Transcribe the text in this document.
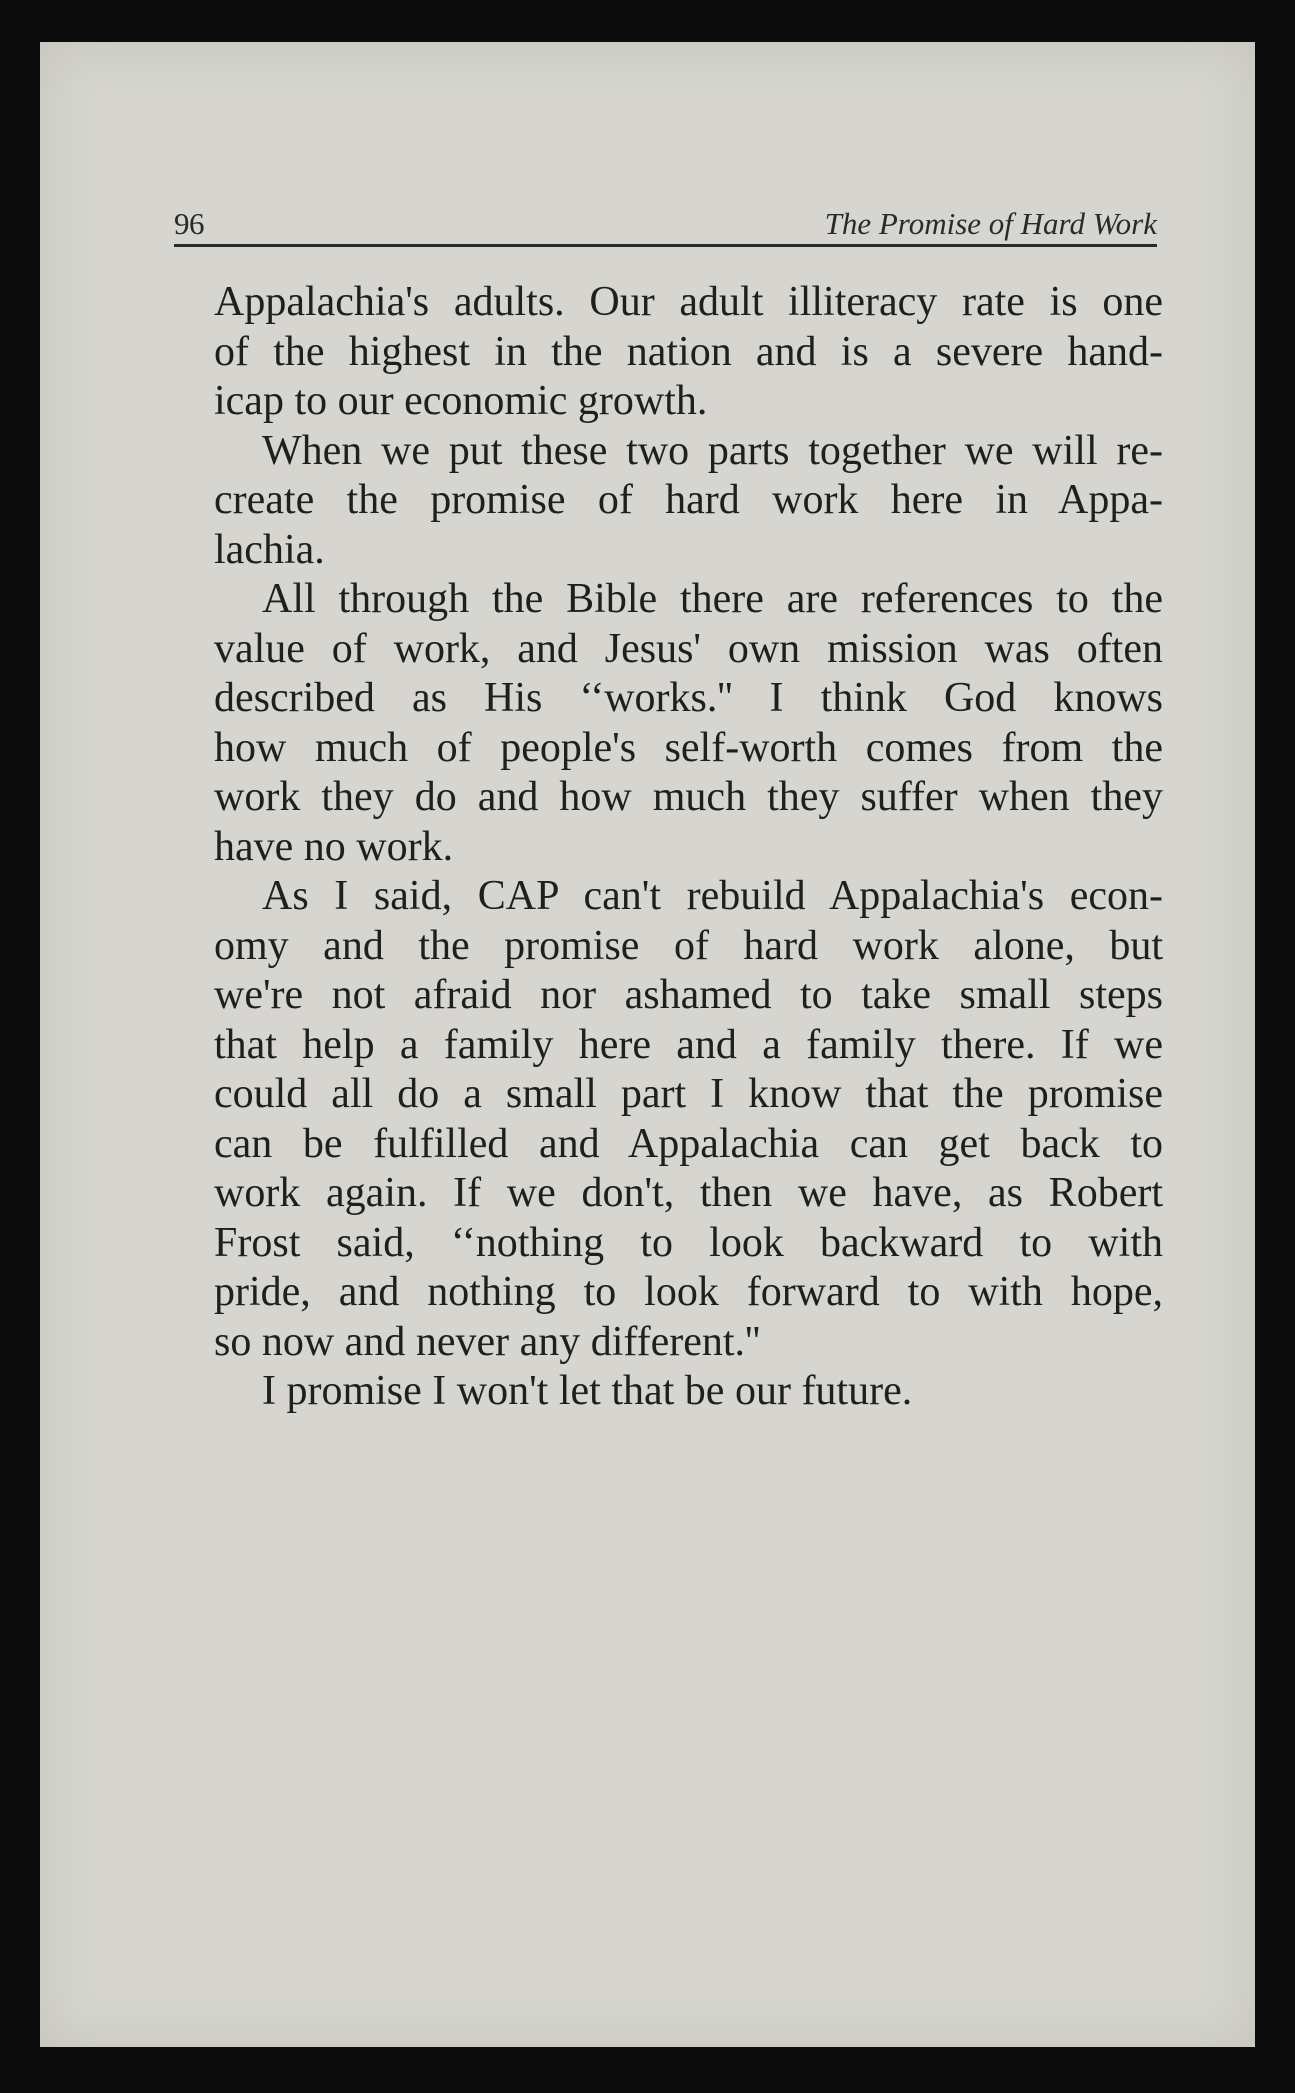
96	The Promise of Hard Work
Appalachia's adults. Our adult illiteracy rate is one
of the highest in the nation and is a severe hand-
icap to our economic growth.
When we put these two parts together we will re-
create the promise of hard work here in Appa-
lachia.
All through the Bible there are references to the
value of work, and Jesus' own mission was often
described as His ‘‘works.'' I think God knows
how much of people's self-worth comes from the
work they do and how much they suffer when they
have no work.
As I said, CAP can't rebuild Appalachia's econ-
omy and the promise of hard work alone, but
we're not afraid nor ashamed to take small steps
that help a family here and a family there. If we
could all do a small part I know that the promise
can be fulfilled and Appalachia can get back to
work again. If we don't, then we have, as Robert
Frost said, ‘‘nothing to look backward to with
pride, and nothing to look forward to with hope,
so now and never any different.''
I promise I won't let that be our future.
